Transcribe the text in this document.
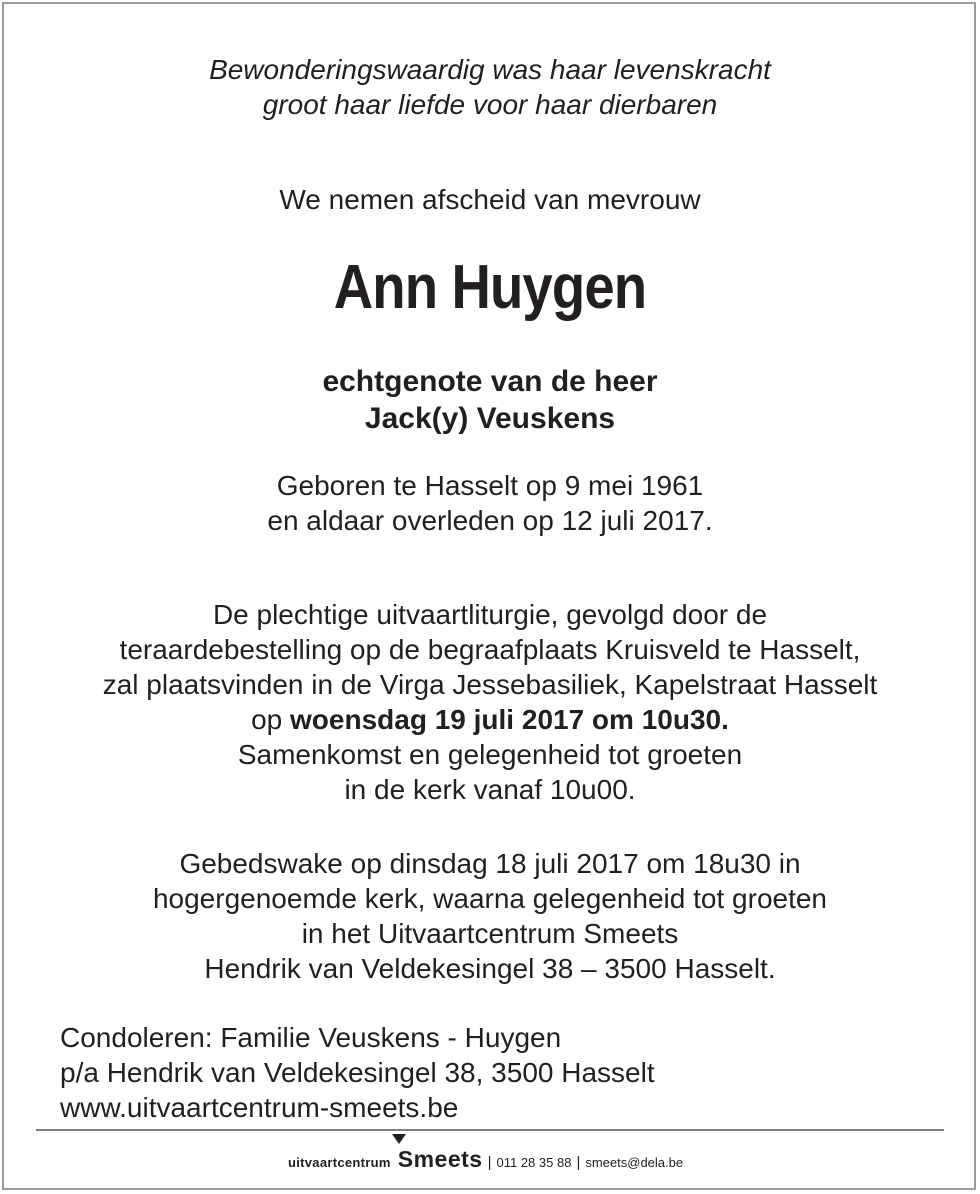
Bewonderingswaardig was haar levenskracht

groot haar liefde voor haar dierbaren

We nemen afscheid van mevrouw
Ann Huygen

echtgenote van de heer

Jack(y) Veuskens

Geboren te Hasselt op 9 mei 1961

en aldaar overleden op 12 juli 2017.

De plechtige uitvaartliturgie, gevolgd door de

teraardebestelling op de begraafplaats Kruisveld te Hasselt,

zal plaatsvinden in de Virga Jessebasiliek, Kapelstraat Hasselt

op woensdag 19 juli 2017 om 10u30.

Samenkomst en gelegenheid tot groeten

in de kerk vanaf 10u00.

Gebedswake op dinsdag 18 juli 2017 om 18u30 in

hogergenoemde kerk, waarna gelegenheid tot groeten

in het Uitvaartcentrum Smeets

Hendrik van Veldekesingel 38 – 3500 Hasselt.

Condoleren: Familie Veuskens - Huygen

p/a Hendrik van Veldekesingel 38, 3500 Hasselt

www.uitvaartcentrum-smeets.be

uitvaartcentrum Smeets | 011 28 35 88 | smeets@dela.be
